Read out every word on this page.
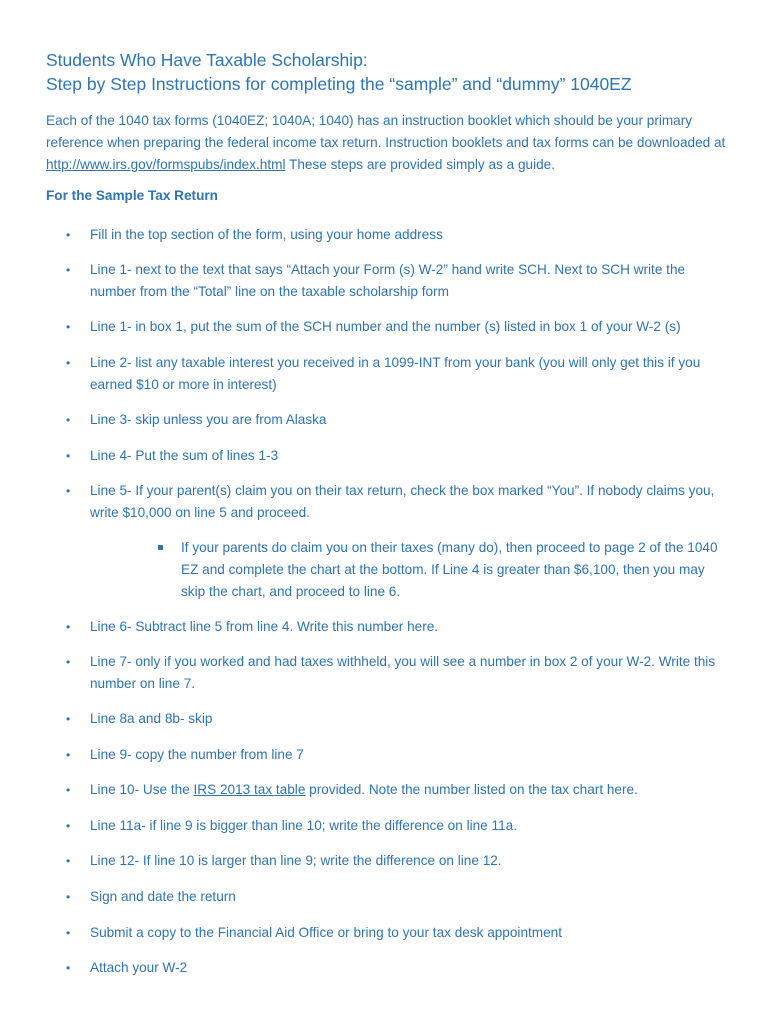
Students Who Have Taxable Scholarship:
Step by Step Instructions for completing the “sample” and “dummy” 1040EZ
Each of the 1040 tax forms (1040EZ; 1040A; 1040) has an instruction booklet which should be your primary reference when preparing the federal income tax return. Instruction booklets and tax forms can be downloaded at http://www.irs.gov/formspubs/index.html These steps are provided simply as a guide.
For the Sample Tax Return
•	Fill in the top section of the form, using your home address
•	Line 1- next to the text that says “Attach your Form (s) W-2” hand write SCH. Next to SCH write the number from the “Total” line on the taxable scholarship form
•	Line 1- in box 1, put the sum of the SCH number and the number (s) listed in box 1 of your W-2 (s)
•	Line 2- list any taxable interest you received in a 1099-INT from your bank (you will only get this if you earned $10 or more in interest)
•	Line 3- skip unless you are from Alaska
•	Line 4- Put the sum of lines 1-3
•	Line 5- If your parent(s) claim you on their tax return, check the box marked “You”. If nobody claims you, write $10,000 on line 5 and proceed.
If your parents do claim you on their taxes (many do), then proceed to page 2 of the 1040 EZ and complete the chart at the bottom. If Line 4 is greater than $6,100, then you may skip the chart, and proceed to line 6.
•	Line 6- Subtract line 5 from line 4. Write this number here.
•	Line 7- only if you worked and had taxes withheld, you will see a number in box 2 of your W-2. Write this number on line 7.
•	Line 8a and 8b- skip
•	Line 9- copy the number from line 7
•	Line 10- Use the IRS 2013 tax table provided. Note the number listed on the tax chart here.
•	Line 11a- if line 9 is bigger than line 10; write the difference on line 11a.
•	Line 12- If line 10 is larger than line 9; write the difference on line 12.
•	Sign and date the return
•	Submit a copy to the Financial Aid Office or bring to your tax desk appointment
•	Attach your W-2
